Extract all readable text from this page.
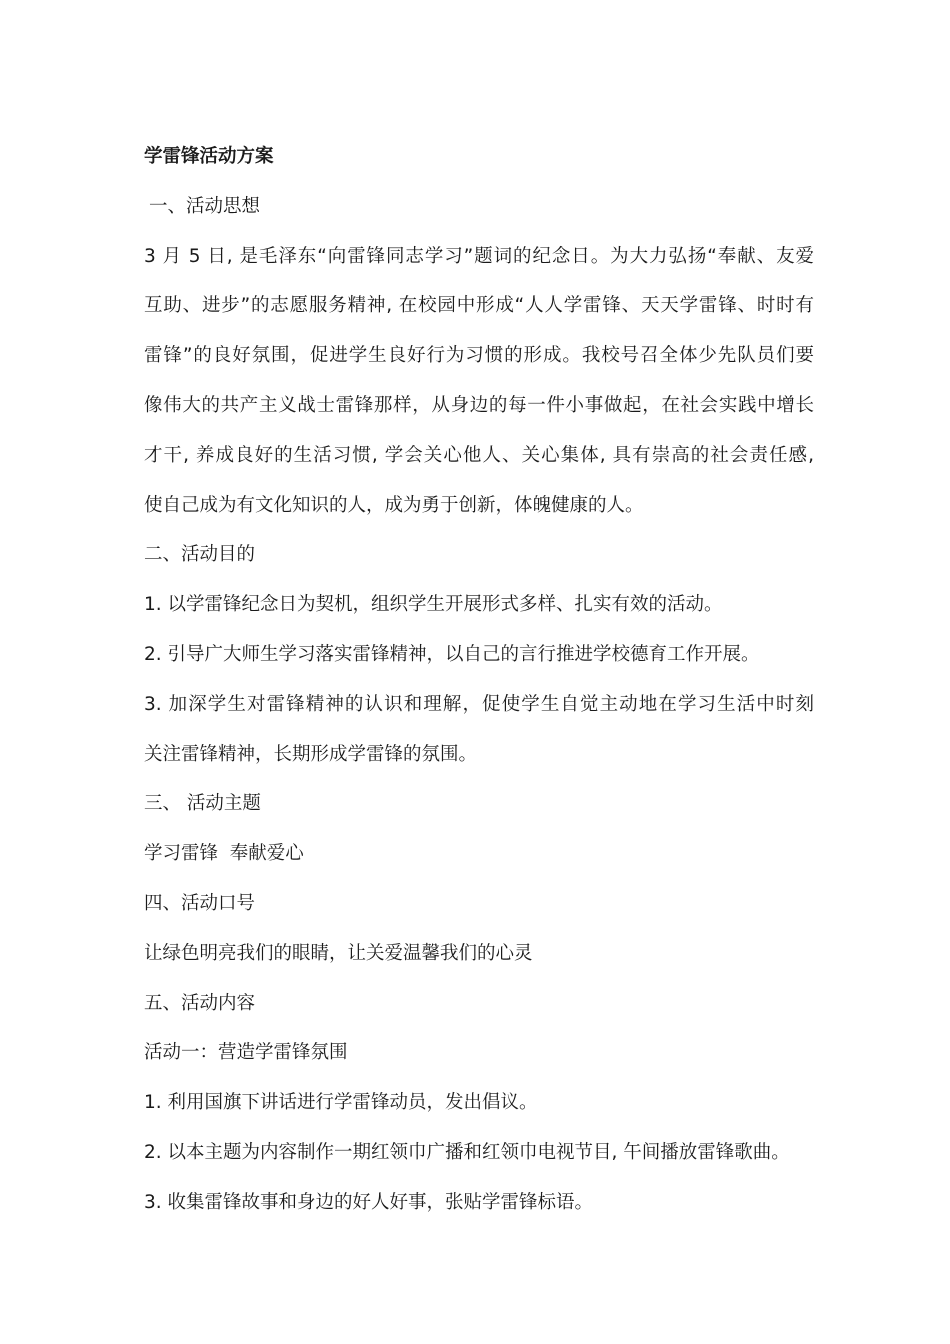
学雷锋活动方案

一、活动思想

3 月 5 日, 是毛泽东“向雷锋同志学习”题词的纪念日。为大力弘扬“奉献、友爱

互助、进步”的志愿服务精神, 在校园中形成“人人学雷锋、天天学雷锋、时时有

雷锋”的良好氛围，促进学生良好行为习惯的形成。我校号召全体少先队员们要

像伟大的共产主义战士雷锋那样，从身边的每一件小事做起，在社会实践中增长

才干, 养成良好的生活习惯, 学会关心他人、关心集体, 具有崇高的社会责任感,

使自己成为有文化知识的人，成为勇于创新，体魄健康的人。

二、活动目的

1. 以学雷锋纪念日为契机，组织学生开展形式多样、扎实有效的活动。

2. 引导广大师生学习落实雷锋精神，以自己的言行推进学校德育工作开展。

3. 加深学生对雷锋精神的认识和理解，促使学生自觉主动地在学习生活中时刻

关注雷锋精神，长期形成学雷锋的氛围。

三、 活动主题

学习雷锋  奉献爱心

四、活动口号

让绿色明亮我们的眼睛，让关爱温馨我们的心灵

五、活动内容

活动一：营造学雷锋氛围

1. 利用国旗下讲话进行学雷锋动员，发出倡议。

2. 以本主题为内容制作一期红领巾广播和红领巾电视节目, 午间播放雷锋歌曲。

3. 收集雷锋故事和身边的好人好事，张贴学雷锋标语。
